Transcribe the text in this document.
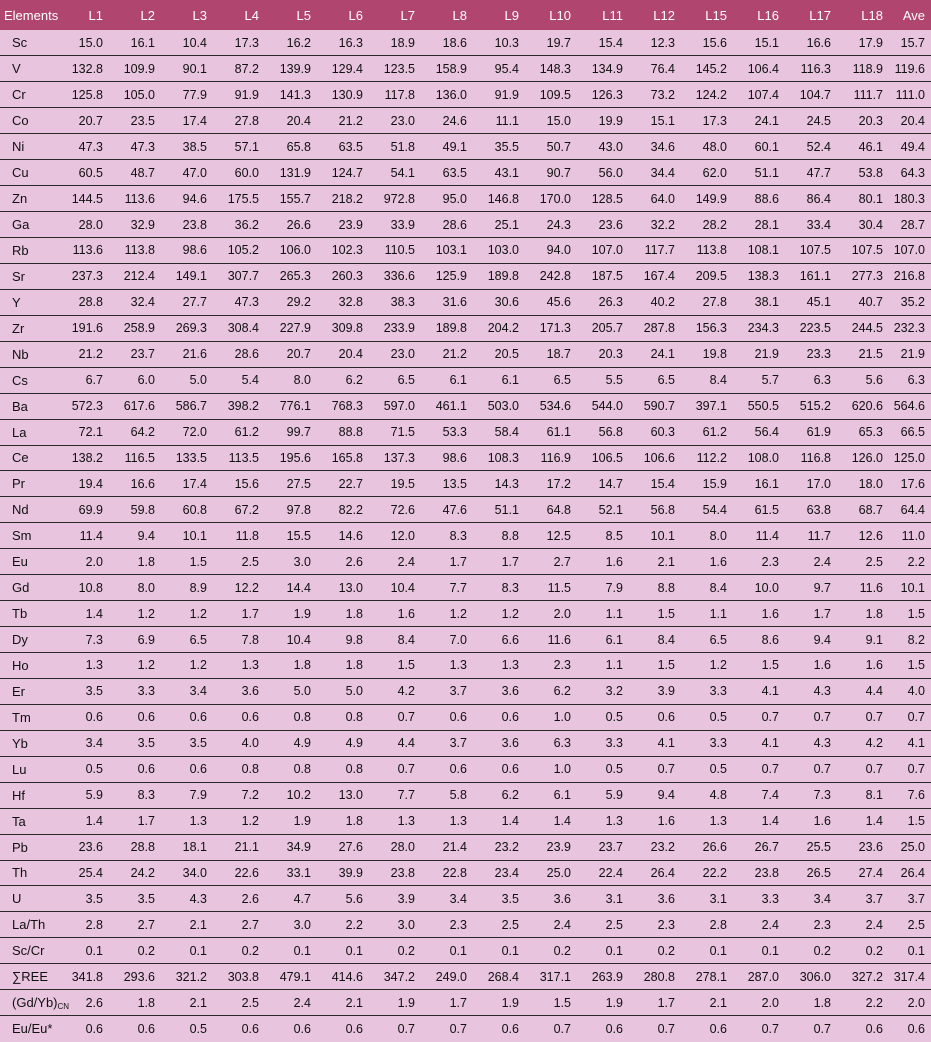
Elements	L1	L2	L3	L4	L5	L6	L7	L8	L9	L10	L11	L12	L15	L16	L17	L18	Ave
Sc	15.0	16.1	10.4	17.3	16.2	16.3	18.9	18.6	10.3	19.7	15.4	12.3	15.6	15.1	16.6	17.9	15.7
V	132.8	109.9	90.1	87.2	139.9	129.4	123.5	158.9	95.4	148.3	134.9	76.4	145.2	106.4	116.3	118.9	119.6
Cr	125.8	105.0	77.9	91.9	141.3	130.9	117.8	136.0	91.9	109.5	126.3	73.2	124.2	107.4	104.7	111.7	111.0
Co	20.7	23.5	17.4	27.8	20.4	21.2	23.0	24.6	11.1	15.0	19.9	15.1	17.3	24.1	24.5	20.3	20.4
Ni	47.3	47.3	38.5	57.1	65.8	63.5	51.8	49.1	35.5	50.7	43.0	34.6	48.0	60.1	52.4	46.1	49.4
Cu	60.5	48.7	47.0	60.0	131.9	124.7	54.1	63.5	43.1	90.7	56.0	34.4	62.0	51.1	47.7	53.8	64.3
Zn	144.5	113.6	94.6	175.5	155.7	218.2	972.8	95.0	146.8	170.0	128.5	64.0	149.9	88.6	86.4	80.1	180.3
Ga	28.0	32.9	23.8	36.2	26.6	23.9	33.9	28.6	25.1	24.3	23.6	32.2	28.2	28.1	33.4	30.4	28.7
Rb	113.6	113.8	98.6	105.2	106.0	102.3	110.5	103.1	103.0	94.0	107.0	117.7	113.8	108.1	107.5	107.5	107.0
Sr	237.3	212.4	149.1	307.7	265.3	260.3	336.6	125.9	189.8	242.8	187.5	167.4	209.5	138.3	161.1	277.3	216.8
Y	28.8	32.4	27.7	47.3	29.2	32.8	38.3	31.6	30.6	45.6	26.3	40.2	27.8	38.1	45.1	40.7	35.2
Zr	191.6	258.9	269.3	308.4	227.9	309.8	233.9	189.8	204.2	171.3	205.7	287.8	156.3	234.3	223.5	244.5	232.3
Nb	21.2	23.7	21.6	28.6	20.7	20.4	23.0	21.2	20.5	18.7	20.3	24.1	19.8	21.9	23.3	21.5	21.9
Cs	6.7	6.0	5.0	5.4	8.0	6.2	6.5	6.1	6.1	6.5	5.5	6.5	8.4	5.7	6.3	5.6	6.3
Ba	572.3	617.6	586.7	398.2	776.1	768.3	597.0	461.1	503.0	534.6	544.0	590.7	397.1	550.5	515.2	620.6	564.6
La	72.1	64.2	72.0	61.2	99.7	88.8	71.5	53.3	58.4	61.1	56.8	60.3	61.2	56.4	61.9	65.3	66.5
Ce	138.2	116.5	133.5	113.5	195.6	165.8	137.3	98.6	108.3	116.9	106.5	106.6	112.2	108.0	116.8	126.0	125.0
Pr	19.4	16.6	17.4	15.6	27.5	22.7	19.5	13.5	14.3	17.2	14.7	15.4	15.9	16.1	17.0	18.0	17.6
Nd	69.9	59.8	60.8	67.2	97.8	82.2	72.6	47.6	51.1	64.8	52.1	56.8	54.4	61.5	63.8	68.7	64.4
Sm	11.4	9.4	10.1	11.8	15.5	14.6	12.0	8.3	8.8	12.5	8.5	10.1	8.0	11.4	11.7	12.6	11.0
Eu	2.0	1.8	1.5	2.5	3.0	2.6	2.4	1.7	1.7	2.7	1.6	2.1	1.6	2.3	2.4	2.5	2.2
Gd	10.8	8.0	8.9	12.2	14.4	13.0	10.4	7.7	8.3	11.5	7.9	8.8	8.4	10.0	9.7	11.6	10.1
Tb	1.4	1.2	1.2	1.7	1.9	1.8	1.6	1.2	1.2	2.0	1.1	1.5	1.1	1.6	1.7	1.8	1.5
Dy	7.3	6.9	6.5	7.8	10.4	9.8	8.4	7.0	6.6	11.6	6.1	8.4	6.5	8.6	9.4	9.1	8.2
Ho	1.3	1.2	1.2	1.3	1.8	1.8	1.5	1.3	1.3	2.3	1.1	1.5	1.2	1.5	1.6	1.6	1.5
Er	3.5	3.3	3.4	3.6	5.0	5.0	4.2	3.7	3.6	6.2	3.2	3.9	3.3	4.1	4.3	4.4	4.0
Tm	0.6	0.6	0.6	0.6	0.8	0.8	0.7	0.6	0.6	1.0	0.5	0.6	0.5	0.7	0.7	0.7	0.7
Yb	3.4	3.5	3.5	4.0	4.9	4.9	4.4	3.7	3.6	6.3	3.3	4.1	3.3	4.1	4.3	4.2	4.1
Lu	0.5	0.6	0.6	0.8	0.8	0.8	0.7	0.6	0.6	1.0	0.5	0.7	0.5	0.7	0.7	0.7	0.7
Hf	5.9	8.3	7.9	7.2	10.2	13.0	7.7	5.8	6.2	6.1	5.9	9.4	4.8	7.4	7.3	8.1	7.6
Ta	1.4	1.7	1.3	1.2	1.9	1.8	1.3	1.3	1.4	1.4	1.3	1.6	1.3	1.4	1.6	1.4	1.5
Pb	23.6	28.8	18.1	21.1	34.9	27.6	28.0	21.4	23.2	23.9	23.7	23.2	26.6	26.7	25.5	23.6	25.0
Th	25.4	24.2	34.0	22.6	33.1	39.9	23.8	22.8	23.4	25.0	22.4	26.4	22.2	23.8	26.5	27.4	26.4
U	3.5	3.5	4.3	2.6	4.7	5.6	3.9	3.4	3.5	3.6	3.1	3.6	3.1	3.3	3.4	3.7	3.7
La/Th	2.8	2.7	2.1	2.7	3.0	2.2	3.0	2.3	2.5	2.4	2.5	2.3	2.8	2.4	2.3	2.4	2.5
Sc/Cr	0.1	0.2	0.1	0.2	0.1	0.1	0.2	0.1	0.1	0.2	0.1	0.2	0.1	0.1	0.2	0.2	0.1
∑REE	341.8	293.6	321.2	303.8	479.1	414.6	347.2	249.0	268.4	317.1	263.9	280.8	278.1	287.0	306.0	327.2	317.4
$(Gd/Yb)_{CN}$	2.6	1.8	2.1	2.5	2.4	2.1	1.9	1.7	1.9	1.5	1.9	1.7	2.1	2.0	1.8	2.2	2.0
Eu/Eu*	0.6	0.6	0.5	0.6	0.6	0.6	0.7	0.7	0.6	0.7	0.6	0.7	0.6	0.7	0.7	0.6	0.6
